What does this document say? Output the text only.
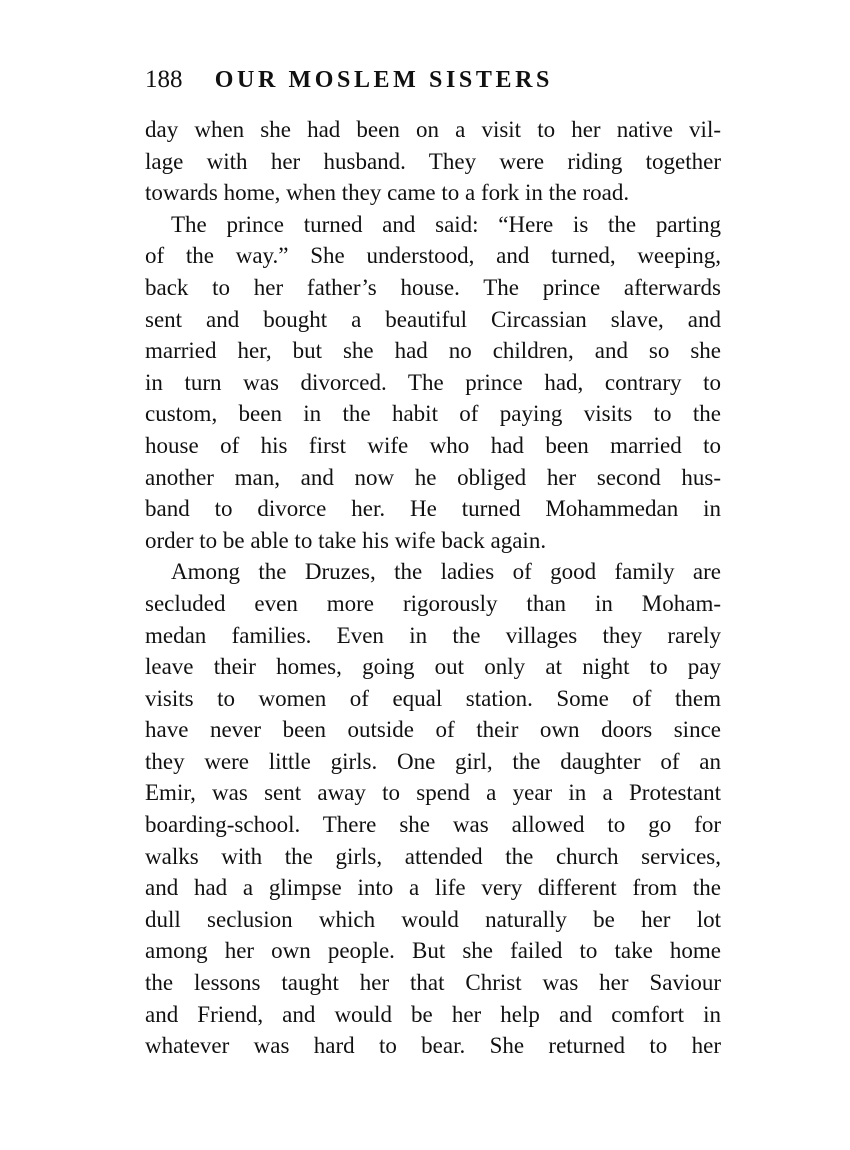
188 OUR MOSLEM SISTERS
day when she had been on a visit to her native vil-
lage with her husband. They were riding together
towards home, when they came to a fork in the road.
The prince turned and said: “Here is the parting
of the way.” She understood, and turned, weeping,
back to her father’s house. The prince afterwards
sent and bought a beautiful Circassian slave, and
married her, but she had no children, and so she
in turn was divorced. The prince had, contrary to
custom, been in the habit of paying visits to the
house of his first wife who had been married to
another man, and now he obliged her second hus-
band to divorce her. He turned Mohammedan in
order to be able to take his wife back again.
Among the Druzes, the ladies of good family are
secluded even more rigorously than in Moham-
medan families. Even in the villages they rarely
leave their homes, going out only at night to pay
visits to women of equal station. Some of them
have never been outside of their own doors since
they were little girls. One girl, the daughter of an
Emir, was sent away to spend a year in a Protestant
boarding-school. There she was allowed to go for
walks with the girls, attended the church services,
and had a glimpse into a life very different from the
dull seclusion which would naturally be her lot
among her own people. But she failed to take home
the lessons taught her that Christ was her Saviour
and Friend, and would be her help and comfort in
whatever was hard to bear. She returned to her
